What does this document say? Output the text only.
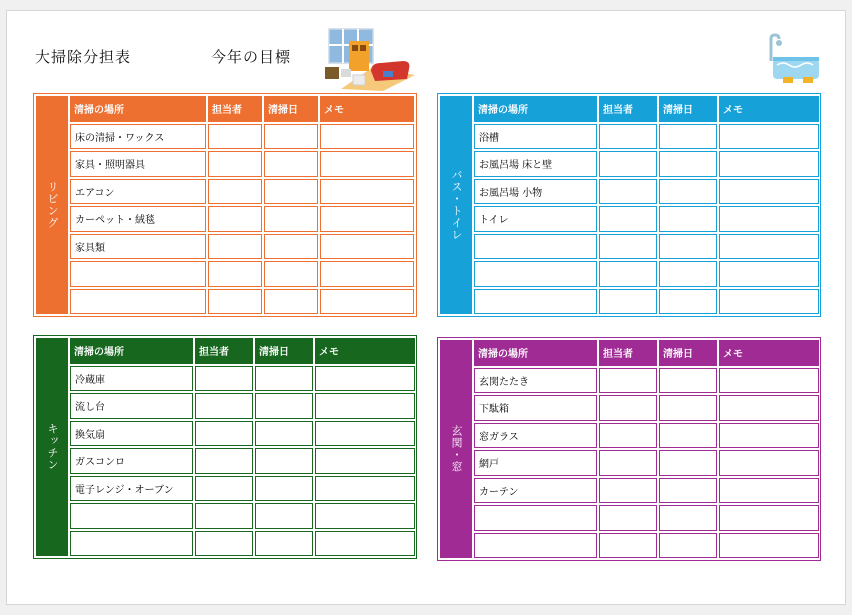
大掃除分担表	今年の目標
リビング
清掃の場所	担当者	清掃日	メモ
床の清掃・ワックス
家具・照明器具
エアコン
カーペット・絨毯
家具類
バス・トイレ
清掃の場所	担当者	清掃日	メモ
浴槽
お風呂場 床と壁
お風呂場 小物
トイレ
キッチン
清掃の場所	担当者	清掃日	メモ
冷蔵庫
流し台
換気扇
ガスコンロ
電子レンジ・オーブン
玄関・窓
清掃の場所	担当者	清掃日	メモ
玄関たたき
下駄箱
窓ガラス
網戸
カーテン
